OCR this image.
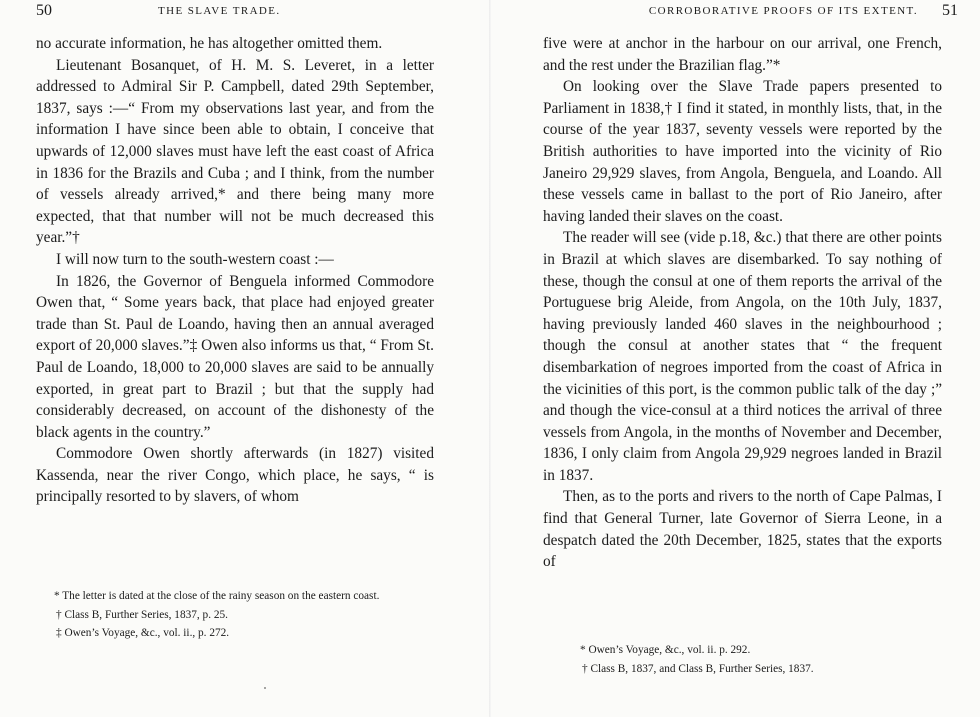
50	THE SLAVE TRADE.

no accurate information, he has altogether omitted them.

Lieutenant Bosanquet, of H. M. S. Leveret, in a letter addressed to Admiral Sir P. Campbell, dated 29th September, 1837, says :—“ From my observations last year, and from the information I have since been able to obtain, I conceive that upwards of 12,000 slaves must have left the east coast of Africa in 1836 for the Brazils and Cuba ; and I think, from the number of vessels already arrived,* and there being many more expected, that that number will not be much decreased this year.”†

I will now turn to the south-western coast :—

In 1826, the Governor of Benguela informed Commodore Owen that, “ Some years back, that place had enjoyed greater trade than St. Paul de Loando, having then an annual averaged export of 20,000 slaves.”‡ Owen also informs us that, “ From St. Paul de Loando, 18,000 to 20,000 slaves are said to be annually exported, in great part to Brazil ; but that the supply had considerably decreased, on account of the dishonesty of the black agents in the country.”

Commodore Owen shortly afterwards (in 1827) visited Kassenda, near the river Congo, which place, he says, “ is principally resorted to by slavers, of whom

* The letter is dated at the close of the rainy season on the eastern coast.

† Class B, Further Series, 1837, p. 25.

‡ Owen’s Voyage, &c., vol. ii., p. 272.

CORROBORATIVE PROOFS OF ITS EXTENT. 51

five were at anchor in the harbour on our arrival, one French, and the rest under the Brazilian flag.”*

On looking over the Slave Trade papers presented to Parliament in 1838,† I find it stated, in monthly lists, that, in the course of the year 1837, seventy vessels were reported by the British authorities to have imported into the vicinity of Rio Janeiro 29,929 slaves, from Angola, Benguela, and Loando. All these vessels came in ballast to the port of Rio Janeiro, after having landed their slaves on the coast.

The reader will see (vide p.18, &c.) that there are other points in Brazil at which slaves are disembarked. To say nothing of these, though the consul at one of them reports the arrival of the Portuguese brig Aleide, from Angola, on the 10th July, 1837, having previously landed 460 slaves in the neighbourhood ; though the consul at another states that “ the frequent disembarkation of negroes imported from the coast of Africa in the vicinities of this port, is the common public talk of the day ;” and though the vice-consul at a third notices the arrival of three vessels from Angola, in the months of November and December, 1836, I only claim from Angola 29,929 negroes landed in Brazil in 1837.

Then, as to the ports and rivers to the north of Cape Palmas, I find that General Turner, late Governor of Sierra Leone, in a despatch dated the 20th December, 1825, states that the exports of

* Owen’s Voyage, &c., vol. ii. p. 292.

† Class B, 1837, and Class B, Further Series, 1837.
